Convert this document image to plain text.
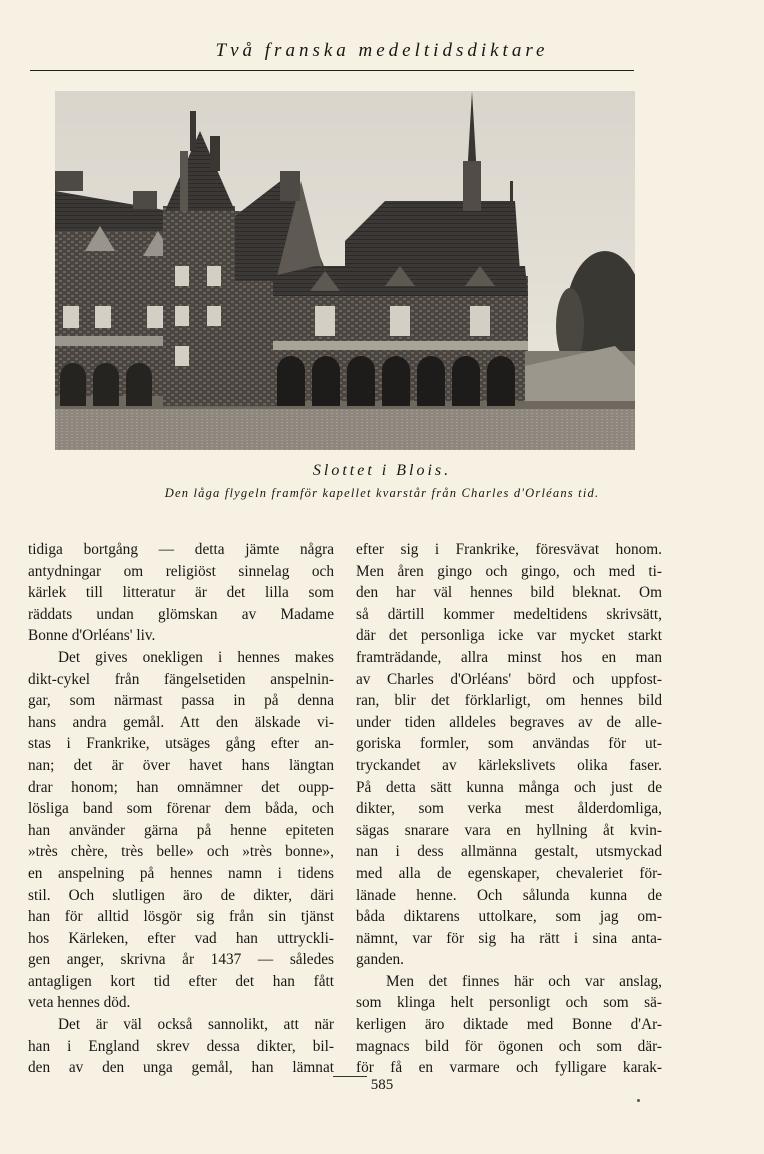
Två franska medeltidsdiktare
Slottet i Blois.
Den låga flygeln framför kapellet kvarstår från Charles d'Orléans tid.
tidiga bortgång — detta jämte några
antydningar om religiöst sinnelag och
kärlek till litteratur är det lilla som
räddats undan glömskan av Madame
Bonne d'Orléans' liv.
Det gives onekligen i hennes makes
dikt-cykel från fängelsetiden anspelnin-
gar, som närmast passa in på denna
hans andra gemål. Att den älskade vi-
stas i Frankrike, utsäges gång efter an-
nan; det är över havet hans längtan
drar honom; han omnämner det oupp-
lösliga band som förenar dem båda, och
han använder gärna på henne epiteten
»très chère, très belle» och »très bonne»,
en anspelning på hennes namn i tidens
stil. Och slutligen äro de dikter, däri
han för alltid lösgör sig från sin tjänst
hos Kärleken, efter vad han uttryckli-
gen anger, skrivna år 1437 — således
antagligen kort tid efter det han fått
veta hennes död.
Det är väl också sannolikt, att när
han i England skrev dessa dikter, bil-
den av den unga gemål, han lämnat
efter sig i Frankrike, föresvävat honom.
Men åren gingo och gingo, och med ti-
den har väl hennes bild bleknat. Om
så därtill kommer medeltidens skrivsätt,
där det personliga icke var mycket starkt
framträdande, allra minst hos en man
av Charles d'Orléans' börd och uppfost-
ran, blir det förklarligt, om hennes bild
under tiden alldeles begraves av de alle-
goriska formler, som användas för ut-
tryckandet av kärlekslivets olika faser.
På detta sätt kunna många och just de
dikter, som verka mest ålderdomliga,
sägas snarare vara en hyllning åt kvin-
nan i dess allmänna gestalt, utsmyckad
med alla de egenskaper, chevaleriet för-
länade henne. Och sålunda kunna de
båda diktarens uttolkare, som jag om-
nämnt, var för sig ha rätt i sina anta-
ganden.
Men det finnes här och var anslag,
som klinga helt personligt och som sä-
kerligen äro diktade med Bonne d'Ar-
magnacs bild för ögonen och som där-
för få en varmare och fylligare karak-
585
